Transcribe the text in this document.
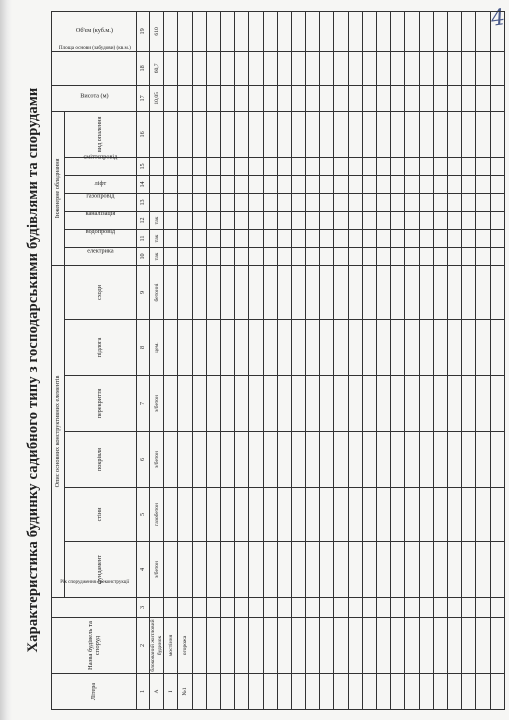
4
Характеристика будинку садибного типу з господарськими будівлями та спорудами
Літера	Назва будівель та споруд	Рік спорудження / реконструкції	Опис основних конструктивних елементів						Інженерне обладнання							Висота (м)	Площа основи (забудови) (кв.м.)	Об'єм (куб.м.)
			фундамент	стіни	покрівля	перекриття	підлога	сходи	електрика	водопровід	каналізація	газопровід	ліфт	сміттєпровід	вид опалення			
1	2	3	4	5	6	7	8	9	10	11	12	13	14	15	16	17	18	19
А	блокований житловий будинок		з/бетон	газобетон	з/бетон	з/бетон	цем.	бетонні	так	так	так					10,05	60,7	610
І	мостіння																	
№1	огорожа																	
